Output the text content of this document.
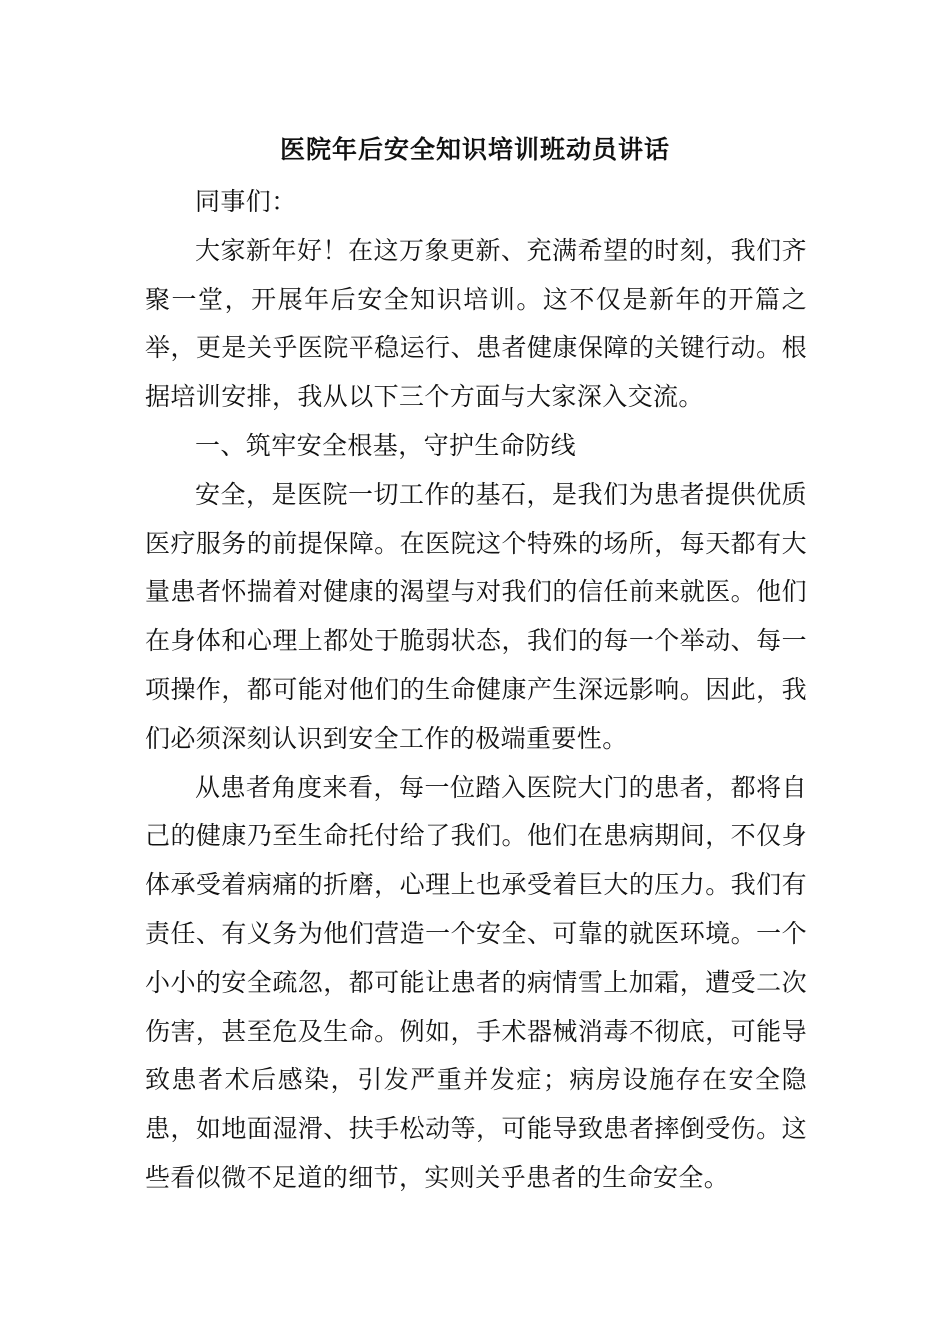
医院年后安全知识培训班动员讲话

同事们：

大家新年好！在这万象更新、充满希望的时刻，我们齐聚一堂，开展年后安全知识培训。这不仅是新年的开篇之举，更是关乎医院平稳运行、患者健康保障的关键行动。根据培训安排，我从以下三个方面与大家深入交流。

一、筑牢安全根基，守护生命防线

安全，是医院一切工作的基石，是我们为患者提供优质医疗服务的前提保障。在医院这个特殊的场所，每天都有大量患者怀揣着对健康的渴望与对我们的信任前来就医。他们在身体和心理上都处于脆弱状态，我们的每一个举动、每一项操作，都可能对他们的生命健康产生深远影响。因此，我们必须深刻认识到安全工作的极端重要性。

从患者角度来看，每一位踏入医院大门的患者，都将自己的健康乃至生命托付给了我们。他们在患病期间，不仅身体承受着病痛的折磨，心理上也承受着巨大的压力。我们有责任、有义务为他们营造一个安全、可靠的就医环境。一个小小的安全疏忽，都可能让患者的病情雪上加霜，遭受二次伤害，甚至危及生命。例如，手术器械消毒不彻底，可能导致患者术后感染，引发严重并发症；病房设施存在安全隐患，如地面湿滑、扶手松动等，可能导致患者摔倒受伤。这些看似微不足道的细节，实则关乎患者的生命安全。
